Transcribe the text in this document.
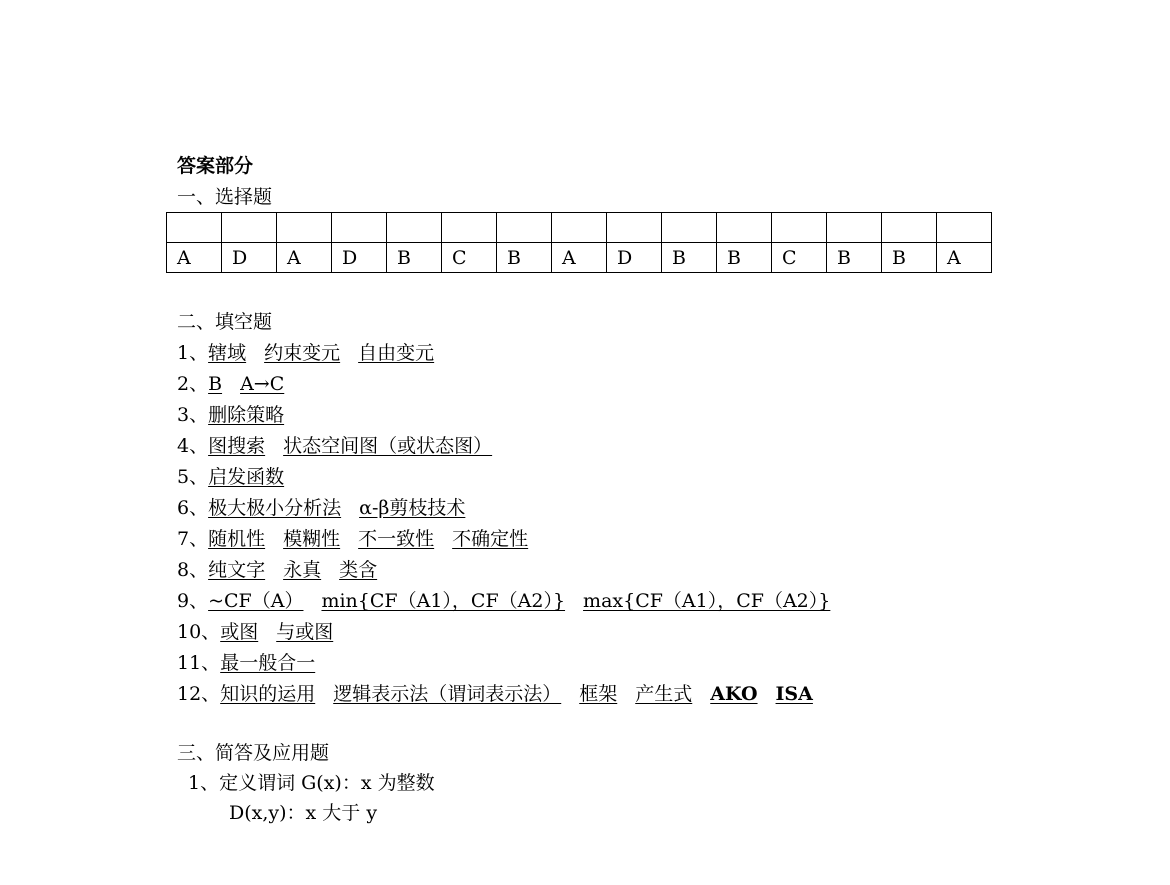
答案部分
一、选择题

A	D	A	D	B	C	B	A	D	B	B	C	B	B	A
二、填空题
1、辖域 约束变元 自由变元
2、B A→C
3、删除策略
4、图搜索 状态空间图（或状态图）
5、启发函数
6、极大极小分析法 α-β剪枝技术
7、随机性 模糊性 不一致性 不确定性
8、纯文字 永真 类含
9、~CF（A） min{CF（A1），CF（A2）} max{CF（A1），CF（A2）}
10、或图 与或图
11、最一般合一
12、知识的运用 逻辑表示法（谓词表示法） 框架 产生式 AKO ISA
三、简答及应用题
1、定义谓词 G(x)：x 为整数
D(x,y)：x 大于 y
